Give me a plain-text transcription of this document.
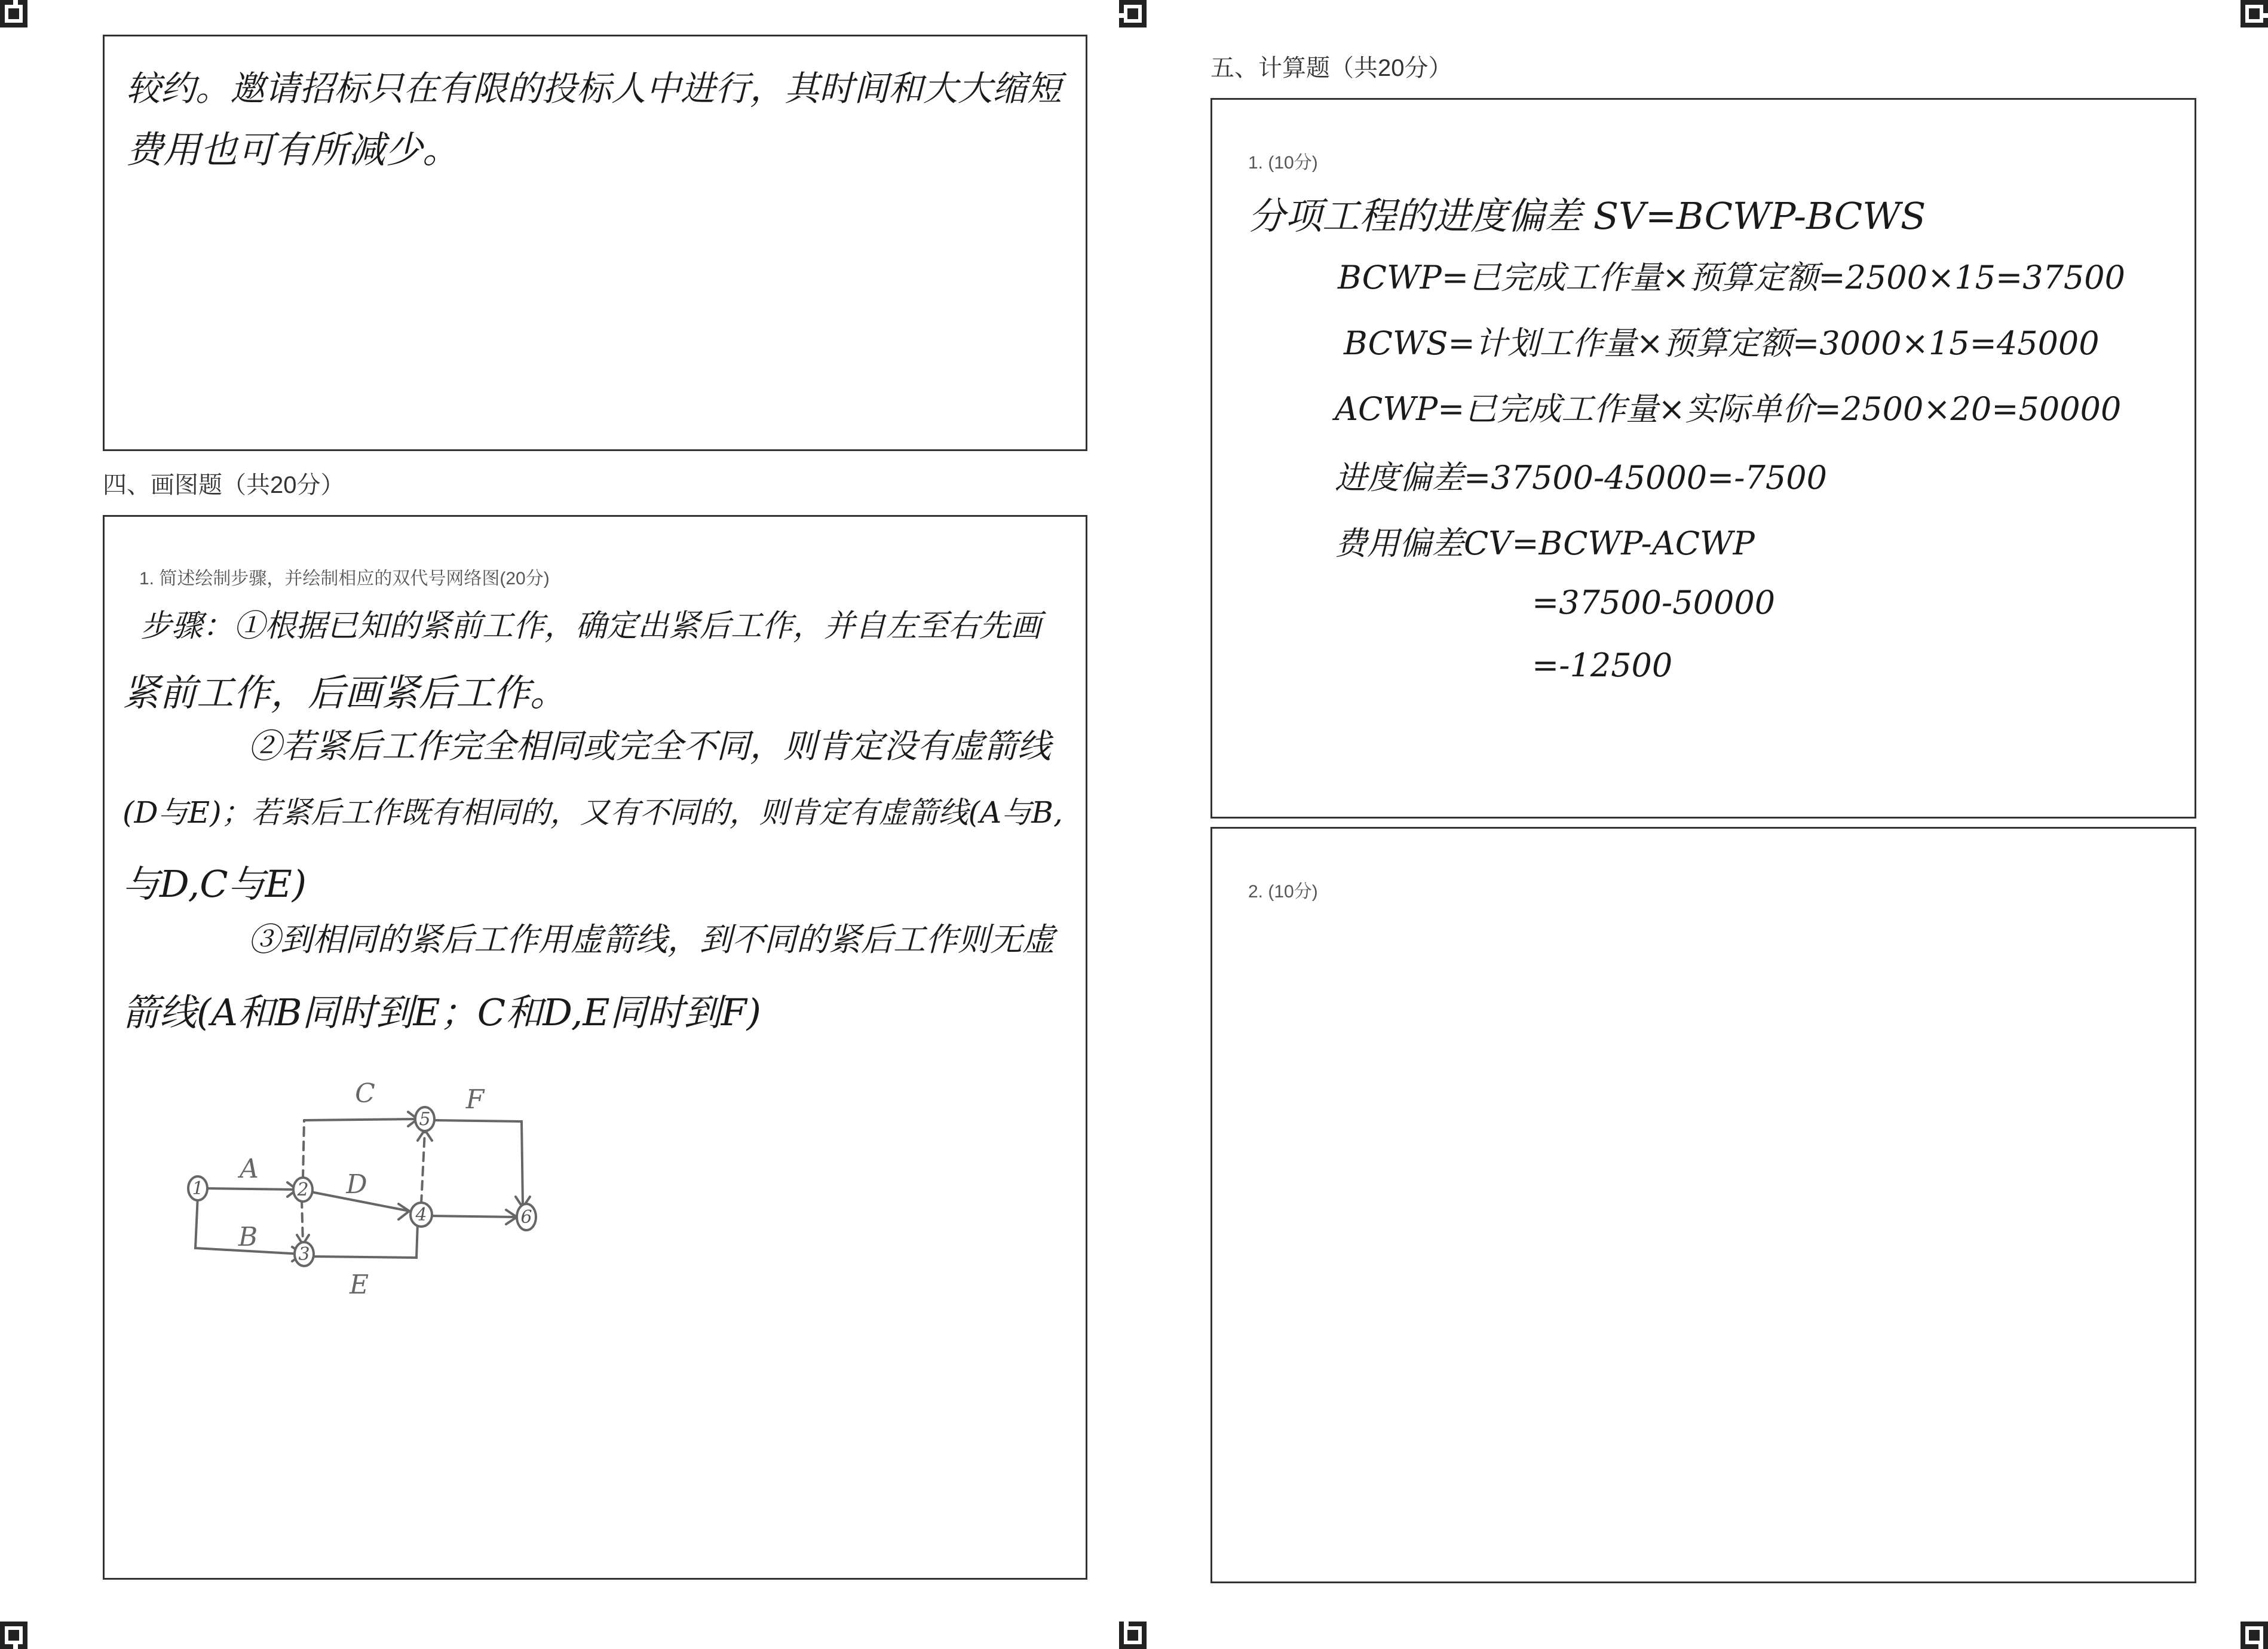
较约。邀请招标只在有限的投标人中进行，其时间和大大缩短
费用也可有所减少。
四、画图题（共20分）
1. 简述绘制步骤，并绘制相应的双代号网络图(20分)
步骤：①根据已知的紧前工作，确定出紧后工作，并自左至右先画
紧前工作，后画紧后工作。
②若紧后工作完全相同或完全不同，则肯定没有虚箭线
(D与E)；若紧后工作既有相同的，又有不同的，则肯定有虚箭线(A与B,
与D,C与E)
③到相同的紧后工作用虚箭线，到不同的紧后工作则无虚
箭线(A和B同时到E；C和D,E同时到F)
1	2
3
4
5
6
A
B
C
D
E
F
五、计算题（共20分）
1. (10分)
分项工程的进度偏差 SV=BCWP-BCWS
BCWP=已完成工作量×预算定额=2500×15=37500
BCWS=计划工作量×预算定额=3000×15=45000
ACWP=已完成工作量×实际单价=2500×20=50000
进度偏差=37500-45000=-7500
费用偏差CV=BCWP-ACWP
=37500-50000
=-12500
2. (10分)
